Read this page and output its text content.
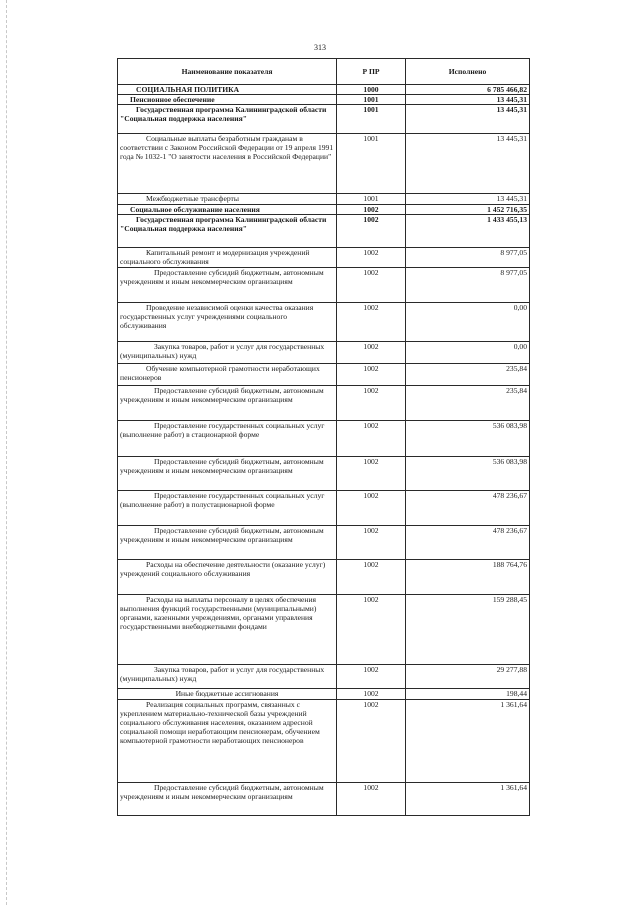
313
Наименование показателя	Р ПР	Исполнено
СОЦИАЛЬНАЯ ПОЛИТИКА	1000	6 785 466,82
Пенсионное обеспечение	1001	13 445,31
Государственная программа Калининградской области "Социальная поддержка населения"	1001	13 445,31
Социальные выплаты безработным гражданам в соответствии с Законом Российской Федерации от 19 апреля 1991 года № 1032-1 "О занятости населения в Российской Федерации"	1001	13 445,31
Межбюджетные трансферты	1001	13 445,31
Социальное обслуживание населения	1002	1 452 716,35
Государственная программа Калининградской области "Социальная поддержка населения"	1002	1 433 455,13
Капитальный ремонт и модернизация учреждений социального обслуживания	1002	8 977,05
Предоставление субсидий бюджетным, автономным учреждениям и иным некоммерческим организациям	1002	8 977,05
Проведение независимой оценки качества оказания государственных услуг учреждениями социального обслуживания	1002	0,00
Закупка товаров, работ и услуг для государственных (муниципальных) нужд	1002	0,00
Обучение компьютерной грамотности неработающих пенсионеров	1002	235,84
Предоставление субсидий бюджетным, автономным учреждениям и иным некоммерческим организациям	1002	235,84
Предоставление государственных социальных услуг (выполнение работ) в стационарной форме	1002	536 083,98
Предоставление субсидий бюджетным, автономным учреждениям и иным некоммерческим организациям	1002	536 083,98
Предоставление государственных социальных услуг (выполнение работ) в полустационарной форме	1002	478 236,67
Предоставление субсидий бюджетным, автономным учреждениям и иным некоммерческим организациям	1002	478 236,67
Расходы на обеспечение деятельности (оказание услуг) учреждений социального обслуживания	1002	188 764,76
Расходы на выплаты персоналу в целях обеспечения выполнения функций государственными (муниципальными) органами, казенными учреждениями, органами управления государственными внебюджетными фондами	1002	159 288,45
Закупка товаров, работ и услуг для государственных (муниципальных) нужд	1002	29 277,88
Иные бюджетные ассигнования	1002	198,44
Реализация социальных программ, связанных с укреплением материально-технической базы учреждений социального обслуживания населения, оказанием адресной социальной помощи неработающим пенсионерам, обучением компьютерной грамотности неработающих пенсионеров	1002	1 361,64
Предоставление субсидий бюджетным, автономным учреждениям и иным некоммерческим организациям	1002	1 361,64
